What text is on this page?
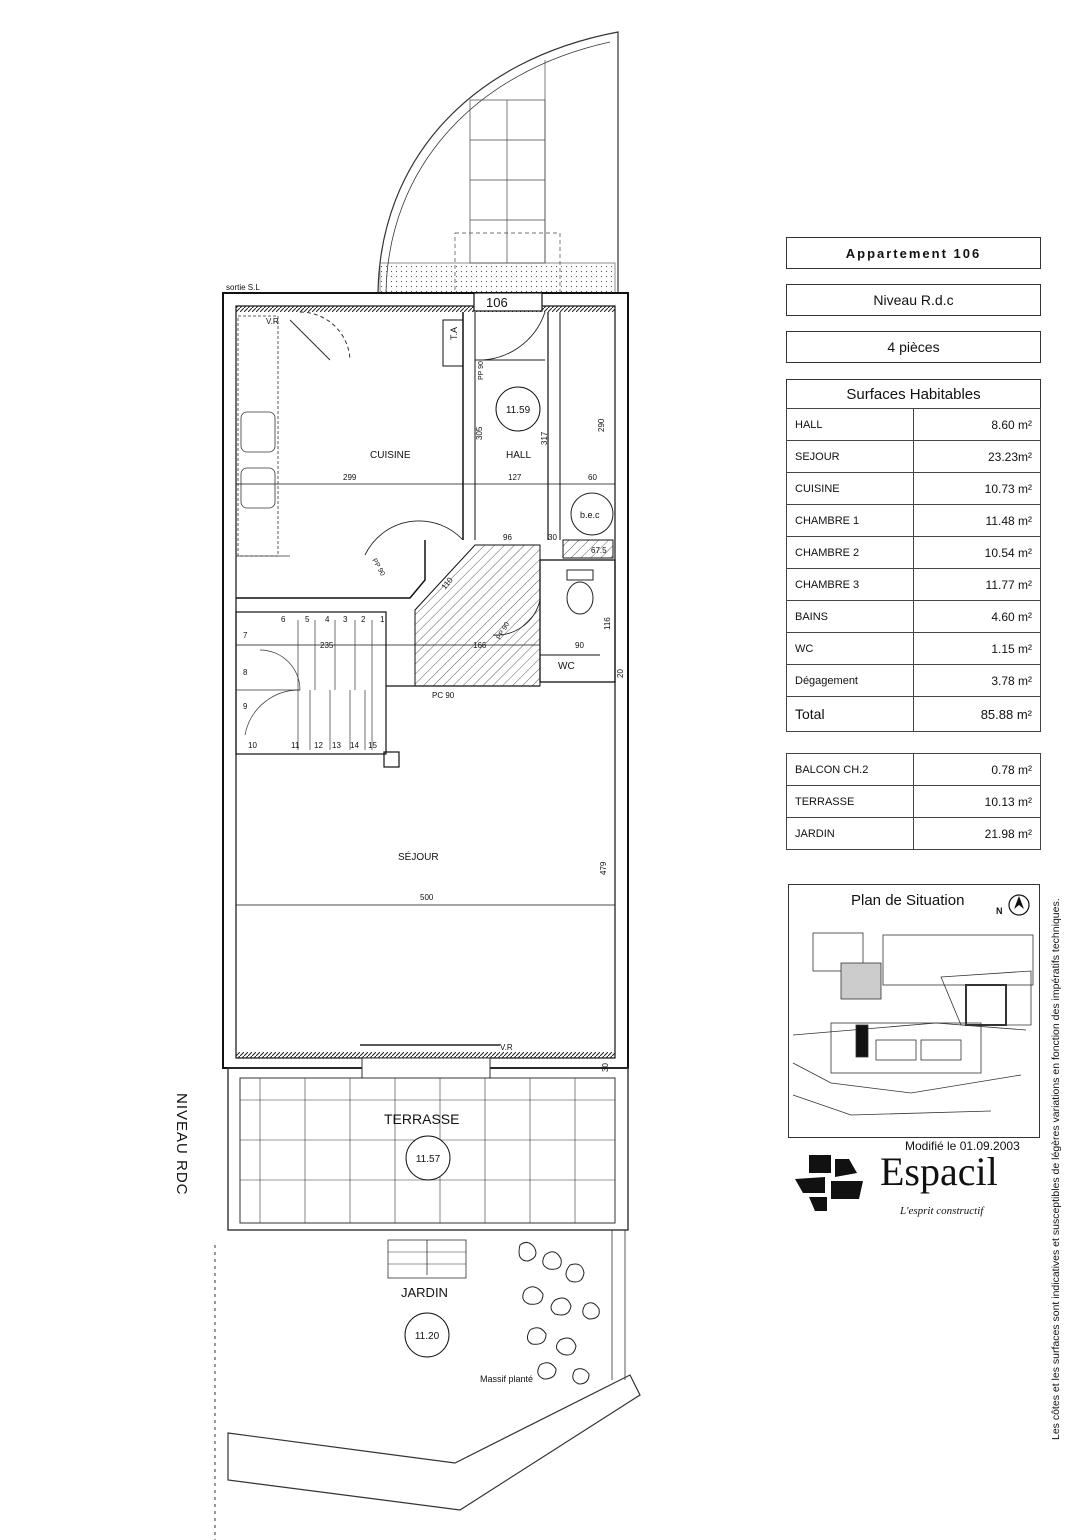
CUISINE	HALL
SÉJOUR
WC
b.e.c
T.A
sortie S.L
V.R
V.R
PP 90
PP 90
PP 90
PC 90
Massif planté
TERRASSE
JARDIN
106
11.59
11.57
11.20
299	127	60
305	317
290
96	30
67.5
110
235	166	90
116
20
500
479
30
1
2
3
4
5
6
7
8
9
10	11 12 13 14 15
NIVEAU RDC
Appartement 106
Niveau R.d.c
4 pièces
Surfaces Habitables
HALL	8.60 m²
SEJOUR	23.23m²
CUISINE	10.73 m²
CHAMBRE 1	11.48 m²
CHAMBRE 2	10.54 m²
CHAMBRE 3	11.77 m²
BAINS	4.60 m²
WC	1.15 m²
Dégagement	3.78 m²
Total	85.88 m²
BALCON CH.2	0.78 m²
TERRASSE	10.13 m²
JARDIN	21.98 m²
Plan de Situation
N
Modifié le 01.09.2003
Espacil
L'esprit constructif	Les côtes et les surfaces sont indicatives et susceptibles de légères variations en fonction des impératifs techniques.
